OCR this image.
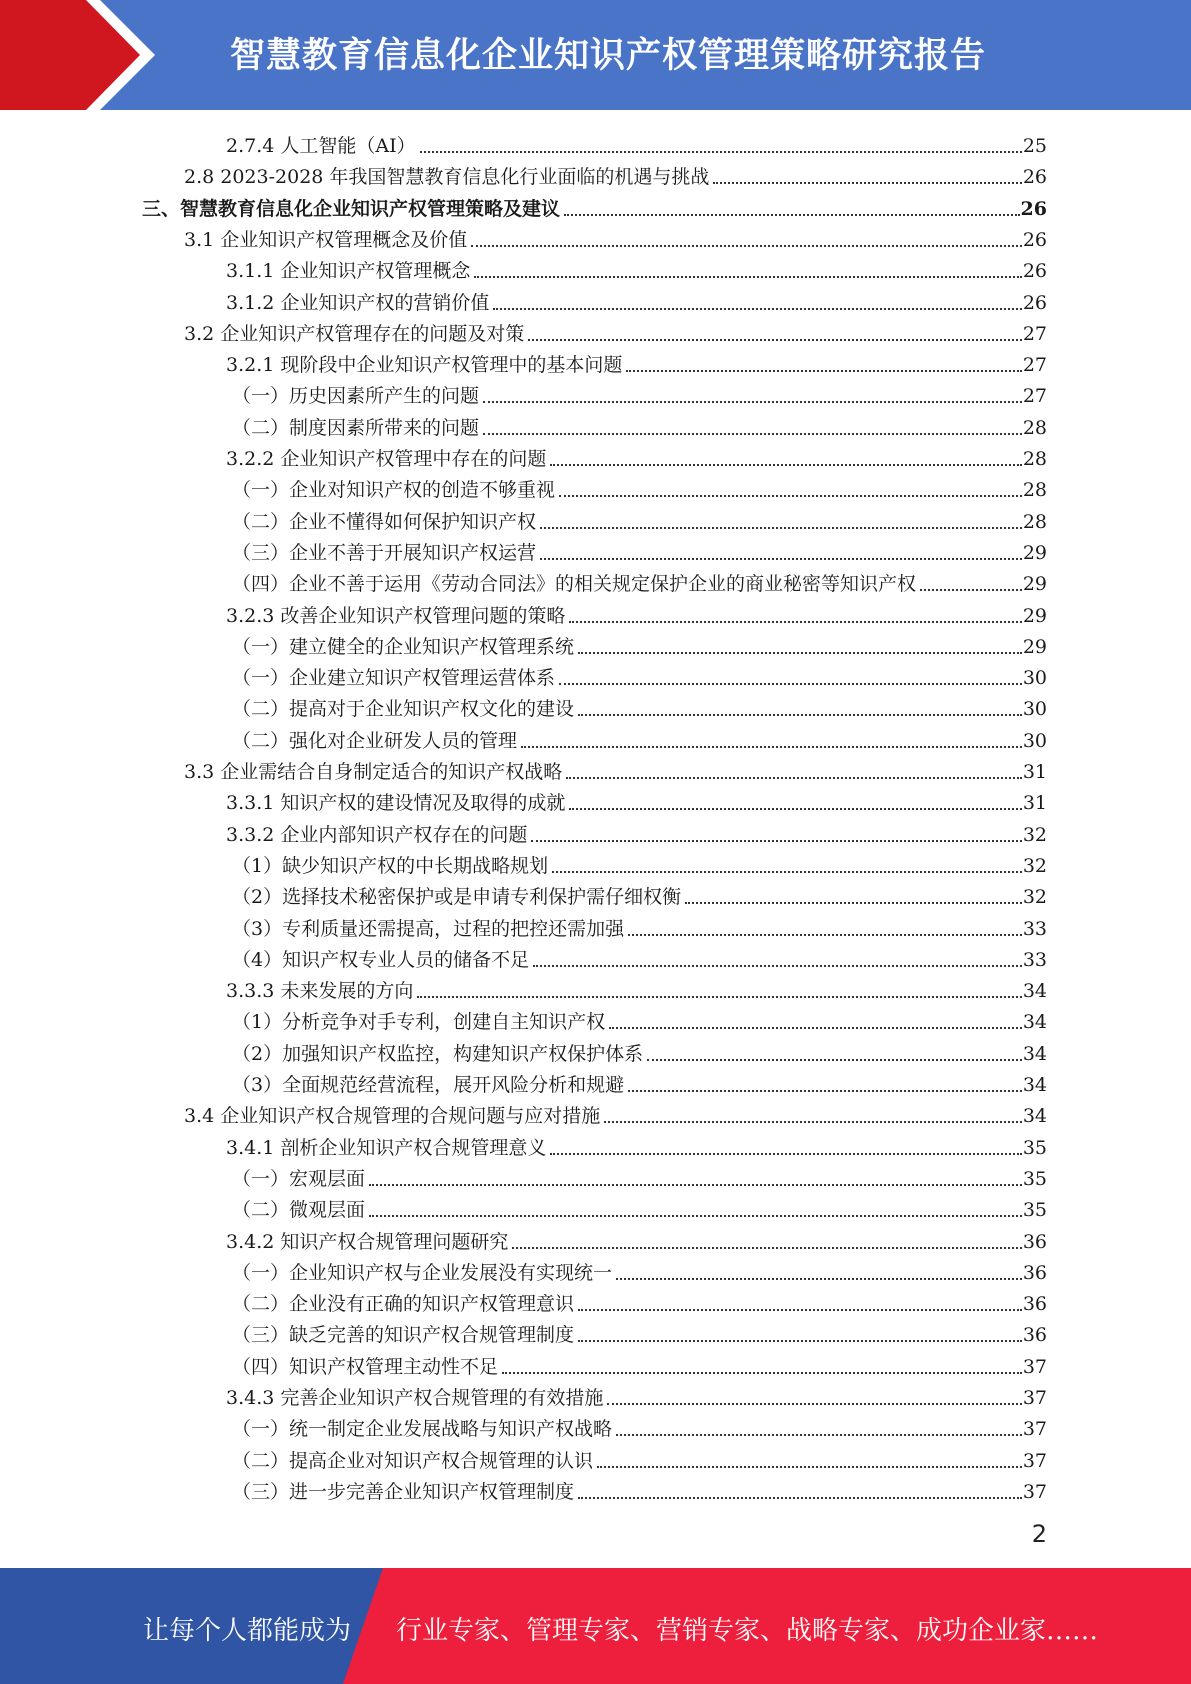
智慧教育信息化企业知识产权管理策略研究报告
2.7.4 人工智能（AI）	25
2.8 2023-2028 年我国智慧教育信息化行业面临的机遇与挑战	26
三、智慧教育信息化企业知识产权管理策略及建议	26
3.1 企业知识产权管理概念及价值	26
3.1.1 企业知识产权管理概念	26
3.1.2 企业知识产权的营销价值	26
3.2 企业知识产权管理存在的问题及对策	27
3.2.1 现阶段中企业知识产权管理中的基本问题	27
（一）历史因素所产生的问题	27
（二）制度因素所带来的问题	28
3.2.2 企业知识产权管理中存在的问题	28
（一）企业对知识产权的创造不够重视	28
（二）企业不懂得如何保护知识产权	28
（三）企业不善于开展知识产权运营	29
（四）企业不善于运用《劳动合同法》的相关规定保护企业的商业秘密等知识产权	29
3.2.3 改善企业知识产权管理问题的策略	29
（一）建立健全的企业知识产权管理系统	29
（一）企业建立知识产权管理运营体系	30
（二）提高对于企业知识产权文化的建设	30
（二）强化对企业研发人员的管理	30
3.3 企业需结合自身制定适合的知识产权战略	31
3.3.1 知识产权的建设情况及取得的成就	31
3.3.2 企业内部知识产权存在的问题	32
（1）缺少知识产权的中长期战略规划	32
（2）选择技术秘密保护或是申请专利保护需仔细权衡	32
（3）专利质量还需提高，过程的把控还需加强	33
（4）知识产权专业人员的储备不足	33
3.3.3 未来发展的方向	34
（1）分析竞争对手专利，创建自主知识产权	34
（2）加强知识产权监控，构建知识产权保护体系	34
（3）全面规范经营流程，展开风险分析和规避	34
3.4 企业知识产权合规管理的合规问题与应对措施	34
3.4.1 剖析企业知识产权合规管理意义	35
（一）宏观层面	35
（二）微观层面	35
3.4.2 知识产权合规管理问题研究	36
（一）企业知识产权与企业发展没有实现统一	36
（二）企业没有正确的知识产权管理意识	36
（三）缺乏完善的知识产权合规管理制度	36
（四）知识产权管理主动性不足	37
3.4.3 完善企业知识产权合规管理的有效措施	37
（一）统一制定企业发展战略与知识产权战略	37
（二）提高企业对知识产权合规管理的认识	37
（三）进一步完善企业知识产权管理制度	37
2
让每个人都能成为 行业专家、管理专家、营销专家、战略专家、成功企业家……
